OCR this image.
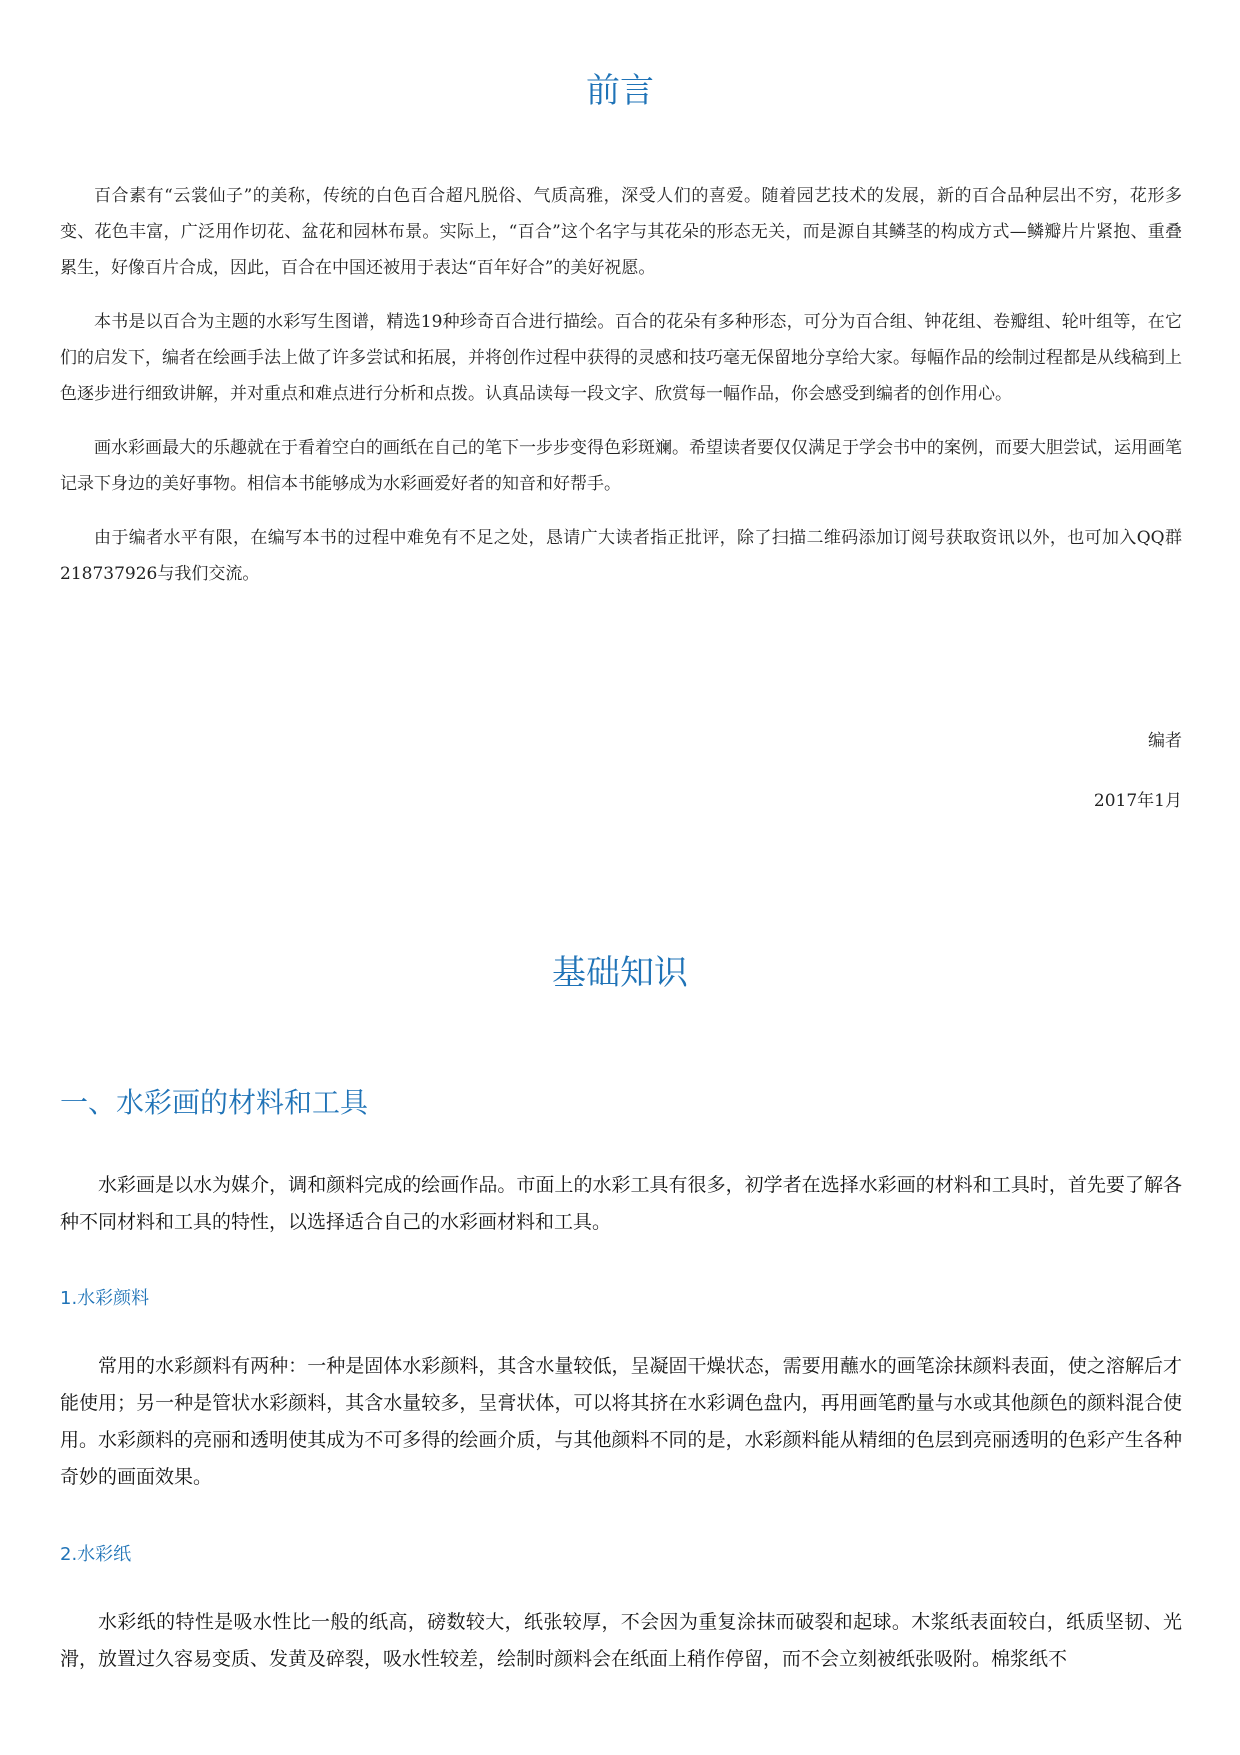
前言

百合素有“云裳仙子”的美称，传统的白色百合超凡脱俗、气质高雅，深受人们的喜爱。随着园艺技术的发展，新的百合品种层出不穷，花形多变、花色丰富，广泛用作切花、盆花和园林布景。实际上，“百合”这个名字与其花朵的形态无关，而是源自其鳞茎的构成方式—鳞瓣片片紧抱、重叠累生，好像百片合成，因此，百合在中国还被用于表达“百年好合”的美好祝愿。

本书是以百合为主题的水彩写生图谱，精选19种珍奇百合进行描绘。百合的花朵有多种形态，可分为百合组、钟花组、卷瓣组、轮叶组等，在它们的启发下，编者在绘画手法上做了许多尝试和拓展，并将创作过程中获得的灵感和技巧毫无保留地分享给大家。每幅作品的绘制过程都是从线稿到上色逐步进行细致讲解，并对重点和难点进行分析和点拨。认真品读每一段文字、欣赏每一幅作品，你会感受到编者的创作用心。

画水彩画最大的乐趣就在于看着空白的画纸在自己的笔下一步步变得色彩斑斓。希望读者要仅仅满足于学会书中的案例，而要大胆尝试，运用画笔记录下身边的美好事物。相信本书能够成为水彩画爱好者的知音和好帮手。

由于编者水平有限，在编写本书的过程中难免有不足之处，恳请广大读者指正批评，除了扫描二维码添加订阅号获取资讯以外，也可加入QQ群218737926与我们交流。

编者
2017年1月
基础知识
一、水彩画的材料和工具

水彩画是以水为媒介，调和颜料完成的绘画作品。市面上的水彩工具有很多，初学者在选择水彩画的材料和工具时，首先要了解各种不同材料和工具的特性，以选择适合自己的水彩画材料和工具。

1.水彩颜料

常用的水彩颜料有两种：一种是固体水彩颜料，其含水量较低，呈凝固干燥状态，需要用蘸水的画笔涂抹颜料表面，使之溶解后才能使用；另一种是管状水彩颜料，其含水量较多，呈膏状体，可以将其挤在水彩调色盘内，再用画笔酌量与水或其他颜色的颜料混合使用。水彩颜料的亮丽和透明使其成为不可多得的绘画介质，与其他颜料不同的是，水彩颜料能从精细的色层到亮丽透明的色彩产生各种奇妙的画面效果。

2.水彩纸

水彩纸的特性是吸水性比一般的纸高，磅数较大，纸张较厚，不会因为重复涂抹而破裂和起球。木浆纸表面较白，纸质坚韧、光滑，放置过久容易变质、发黄及碎裂，吸水性较差，绘制时颜料会在纸面上稍作停留，而不会立刻被纸张吸附。棉浆纸不
